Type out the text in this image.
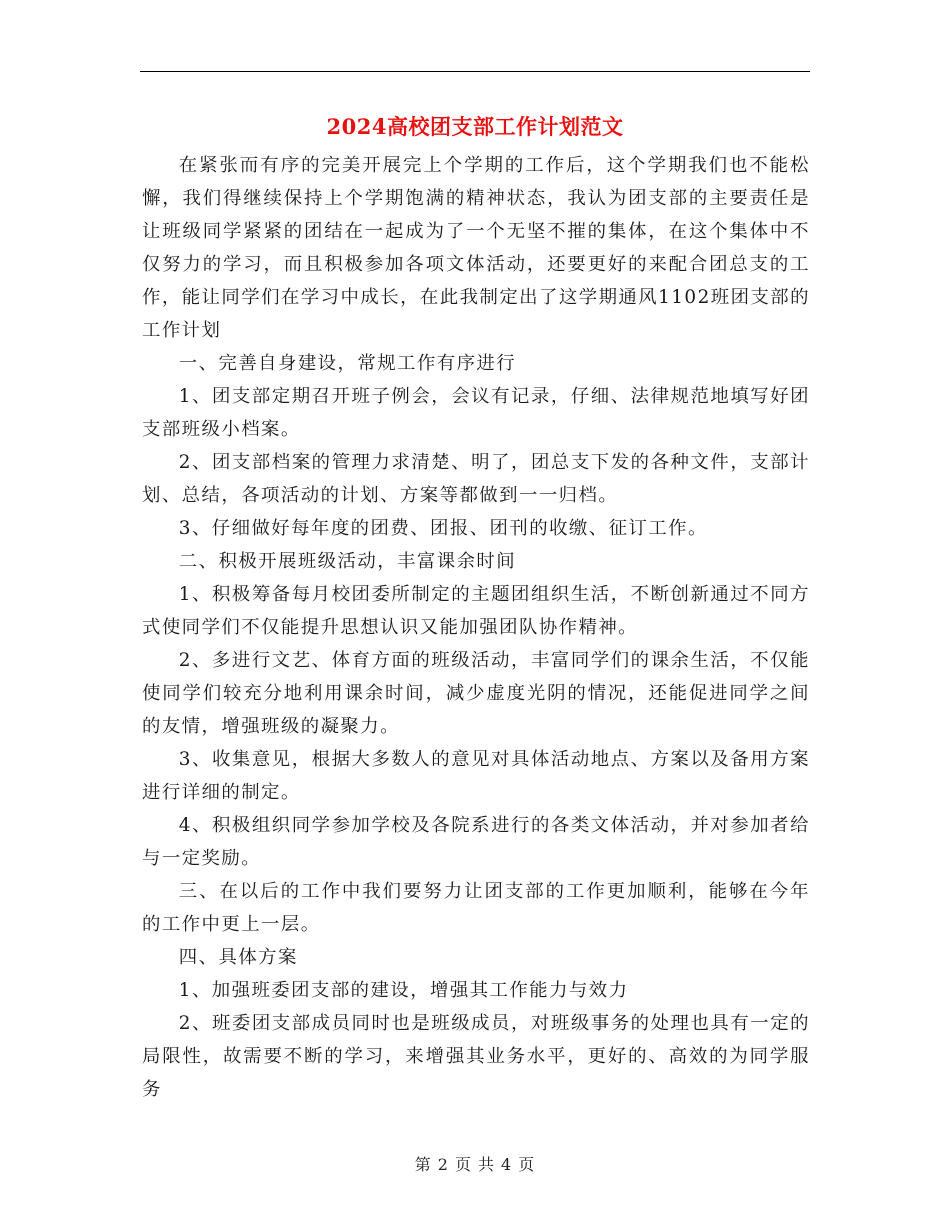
2024高校团支部工作计划范文

在紧张而有序的完美开展完上个学期的工作后，这个学期我们也不能松懈，我们得继续保持上个学期饱满的精神状态，我认为团支部的主要责任是让班级同学紧紧的团结在一起成为了一个无坚不摧的集体，在这个集体中不仅努力的学习，而且积极参加各项文体活动，还要更好的来配合团总支的工作，能让同学们在学习中成长，在此我制定出了这学期通风1102班团支部的工作计划

一、完善自身建设，常规工作有序进行

1、团支部定期召开班子例会，会议有记录，仔细、法律规范地填写好团支部班级小档案。

2、团支部档案的管理力求清楚、明了，团总支下发的各种文件，支部计划、总结，各项活动的计划、方案等都做到一一归档。

3、仔细做好每年度的团费、团报、团刊的收缴、征订工作。

二、积极开展班级活动，丰富课余时间

1、积极筹备每月校团委所制定的主题团组织生活，不断创新通过不同方式使同学们不仅能提升思想认识又能加强团队协作精神。

2、多进行文艺、体育方面的班级活动，丰富同学们的课余生活，不仅能使同学们较充分地利用课余时间，减少虚度光阴的情况，还能促进同学之间的友情，增强班级的凝聚力。

3、收集意见，根据大多数人的意见对具体活动地点、方案以及备用方案进行详细的制定。

4、积极组织同学参加学校及各院系进行的各类文体活动，并对参加者给与一定奖励。

三、在以后的工作中我们要努力让团支部的工作更加顺利，能够在今年的工作中更上一层。

四、具体方案

1、加强班委团支部的建设，增强其工作能力与效力

2、班委团支部成员同时也是班级成员，对班级事务的处理也具有一定的局限性，故需要不断的学习，来增强其业务水平，更好的、高效的为同学服务

第 2 页 共 4 页
